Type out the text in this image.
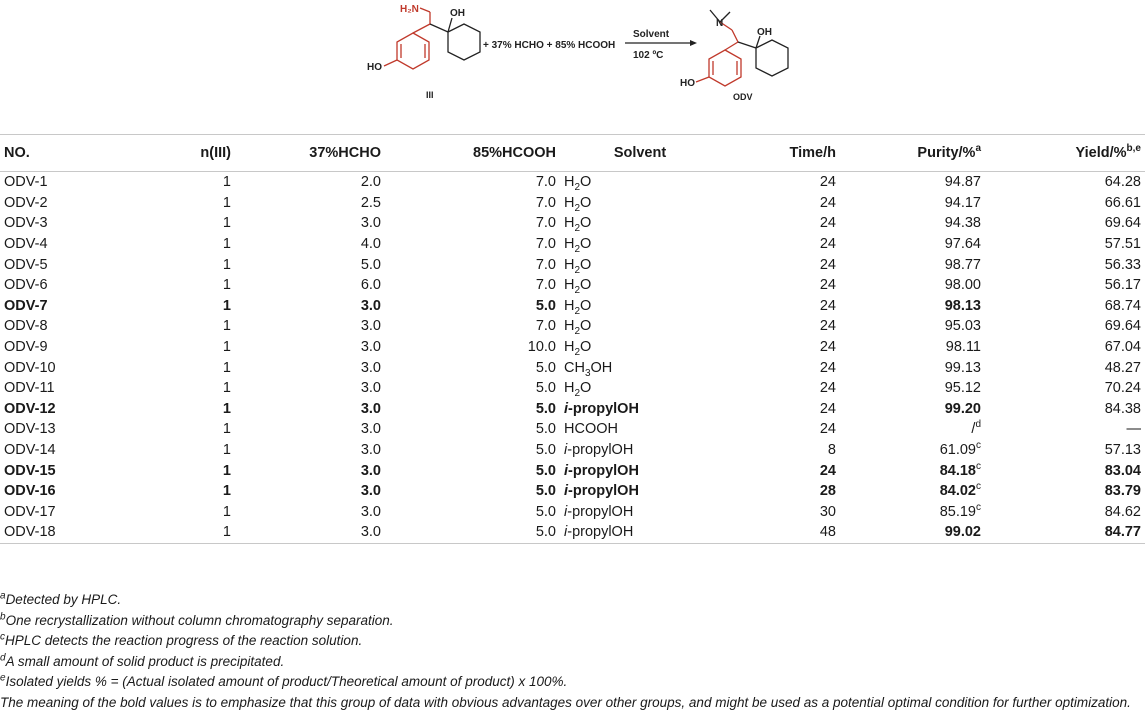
H₂N	OH
HO
III
+ 37% HCHO + 85% HCOOH
Solvent
102 ºC
N
OH
HO
ODV
NO.	n(III)	37%HCHO	85%HCOOH	Solvent	Time/h	Purity/%$^a$	Yield/%$^{b,e}$
ODV-1	1	2.0	7.0	$H_2O$	24	94.87	64.28
ODV-2	1	2.5	7.0	$H_2O$	24	94.17	66.61
ODV-3	1	3.0	7.0	$H_2O$	24	94.38	69.64
ODV-4	1	4.0	7.0	$H_2O$	24	97.64	57.51
ODV-5	1	5.0	7.0	$H_2O$	24	98.77	56.33
ODV-6	1	6.0	7.0	$H_2O$	24	98.00	56.17
ODV-7	1	3.0	5.0	$H_2O$	24	98.13	68.74
ODV-8	1	3.0	7.0	$H_2O$	24	95.03	69.64
ODV-9	1	3.0	10.0	$H_2O$	24	98.11	67.04
ODV-10	1	3.0	5.0	$CH_3OH$	24	99.13	48.27
ODV-11	1	3.0	5.0	$H_2O$	24	95.12	70.24
ODV-12	1	3.0	5.0	i-propylOH	24	99.20	84.38
ODV-13	1	3.0	5.0	HCOOH	24	/$^d$	—
ODV-14	1	3.0	5.0	i-propylOH	8	61.09$^c$	57.13
ODV-15	1	3.0	5.0	i-propylOH	24	84.18$^c$	83.04
ODV-16	1	3.0	5.0	i-propylOH	28	84.02$^c$	83.79
ODV-17	1	3.0	5.0	i-propylOH	30	85.19$^c$	84.62
ODV-18	1	3.0	5.0	i-propylOH	48	99.02	84.77
$^a$Detected by HPLC.
$^b$One recrystallization without column chromatography separation.
$^c$HPLC detects the reaction progress of the reaction solution.
$^d$A small amount of solid product is precipitated.
$^e$Isolated yields % = (Actual isolated amount of product/Theoretical amount of product) x 100%.
The meaning of the bold values is to emphasize that this group of data with obvious advantages over other groups, and might be used as a potential optimal condition for further optimization.
